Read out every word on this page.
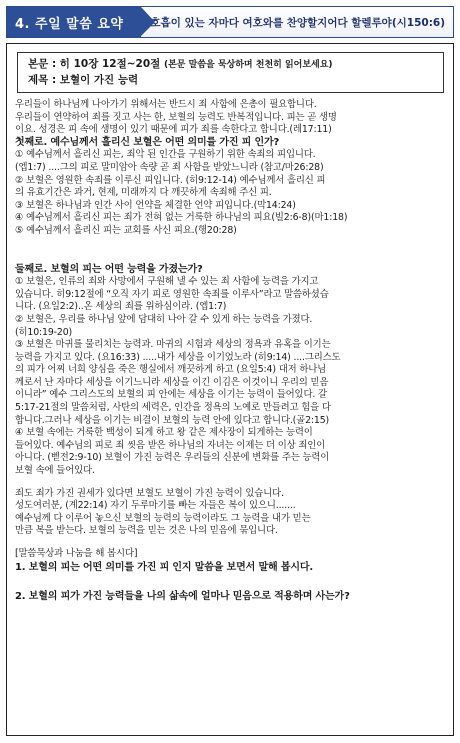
4. 주일 말씀 요약	호흡이 있는 자마다 여호와를 찬양할지어다 할렐루야(시150:6)
본문 : 히 10장 12절~20절 (본문 말씀을 묵상하며 천천히 읽어보세요)
제목 : 보혈이 가진 능력

우리들이 하나님께 나아가기 위해서는 반드시 죄 사함에 은총이 필요합니다.

우리들이 연약하여 죄를 짓고 사는 한, 보혈의 능력도 반복적입니다. 피는 곧 생명

이요. 성경은 피 속에 생명이 있기 때문에 피가 죄를 속한다고 합니다.(레17:11)

첫째로. 예수님께서 흘리신 보혈은 어떤 의미를 가진 피 인가?

① 예수님께서 흘리신 피는, 죄악 된 인간을 구원하기 위한 속죄의 피입니다.

(엡1:7) ....그의 피로 말미암아 속량 곧 죄 사함을 받았느니라 (참고/마26:28)

② 보혈은 영원한 속죄를 이루신 피입니다. (히9:12-14) 예수님께서 흘리신 피

의 유효기간은 과거, 현제, 미래까지 다 깨끗하게 속죄해 주신 피.

③ 보혈은 하나님과 인간 사이 언약을 체결한 언약 피입니다.(막14:24)

④ 예수님께서 흘리신 피는 죄가 전혀 없는 거룩한 하나님의 피요(빌2:6-8)(마1:18)

⑤ 예수님께서 흘리신 피는 교회를 사신 피요.(행20:28)

둘째로. 보혈의 피는 어떤 능력을 가졌는가?

① 보혈은, 인류의 죄와 사망에서 구원해 낼 수 있는 죄 사함에 능력을 가지고

있습니다. 히9:12절에 “오직 자기 피로 영원한 속죄를 이루사”라고 말씀하셨습

니다. (요일2:2)..온 세상의 죄를 위하심이라. (엡1:7)

② 보혈은, 우리를 하나님 앞에 담대히 나아 갈 수 있게 하는 능력을 가졌다.

(히10:19-20)

③ 보혈은 마귀를 물리치는 능력과. 마귀의 시험과 세상의 정욕과 유혹을 이기는

능력을 가지고 있다. (요16:33) .....내가 세상을 이기었노라 (히9:14) ....그리스도

의 피가 어찌 너희 양심을 죽은 행실에서 깨끗하게 하고 (요일5:4) 대저 하나님

께로서 난 자마다 세상을 이기느니라 세상을 이긴 이김은 이것이니 우리의 믿음

이니라” 예수 그리스도의 보혈의 피 안에는 세상을 이기는 능력이 들어있다. 갈

5:17-21절의 말씀처럼, 사탄의 세력은, 인간을 정욕의 노예로 만들려고 힘을 다

합니다.그러나 세상을 이기는 비결이 보혈의 능력 안에 있다고 합니다.(골2:15)

④ 보혈 속에는 거룩한 백성이 되게 하고 왕 같은 제사장이 되게하는 능력이

들어있다. 예수님의 피로 죄 씻음 받은 하나님의 자녀는 이제는 더 이상 죄인이

아니다. (벧전2:9-10) 보혈이 가진 능력은 우리들의 신분에 변화를 주는 능력이

보혈 속에 들어있다.

죄도 죄가 가진 권세가 있다면 보혈도 보혈이 가진 능력이 있습니다.

성도여러분, (계22:14) 자기 두루마기를 빠는 자들은 복이 있으니.......

예수님께 다 이루어 놓으신 보혈의 능력의 능력이라도 그 능력을 내가 믿는

만큼 복을 받는다. 보혈의 능력을 믿는 것은 나의 믿음에 묶입니다.

[말씀묵상과 나눔을 해 봅시다]

1. 보혈의 피는 어떤 의미를 가진 피 인지 말씀을 보면서 말해 봅시다.

2. 보혈의 피가 가진 능력들을 나의 삶속에 얼마나 믿음으로 적용하며 사는가?
